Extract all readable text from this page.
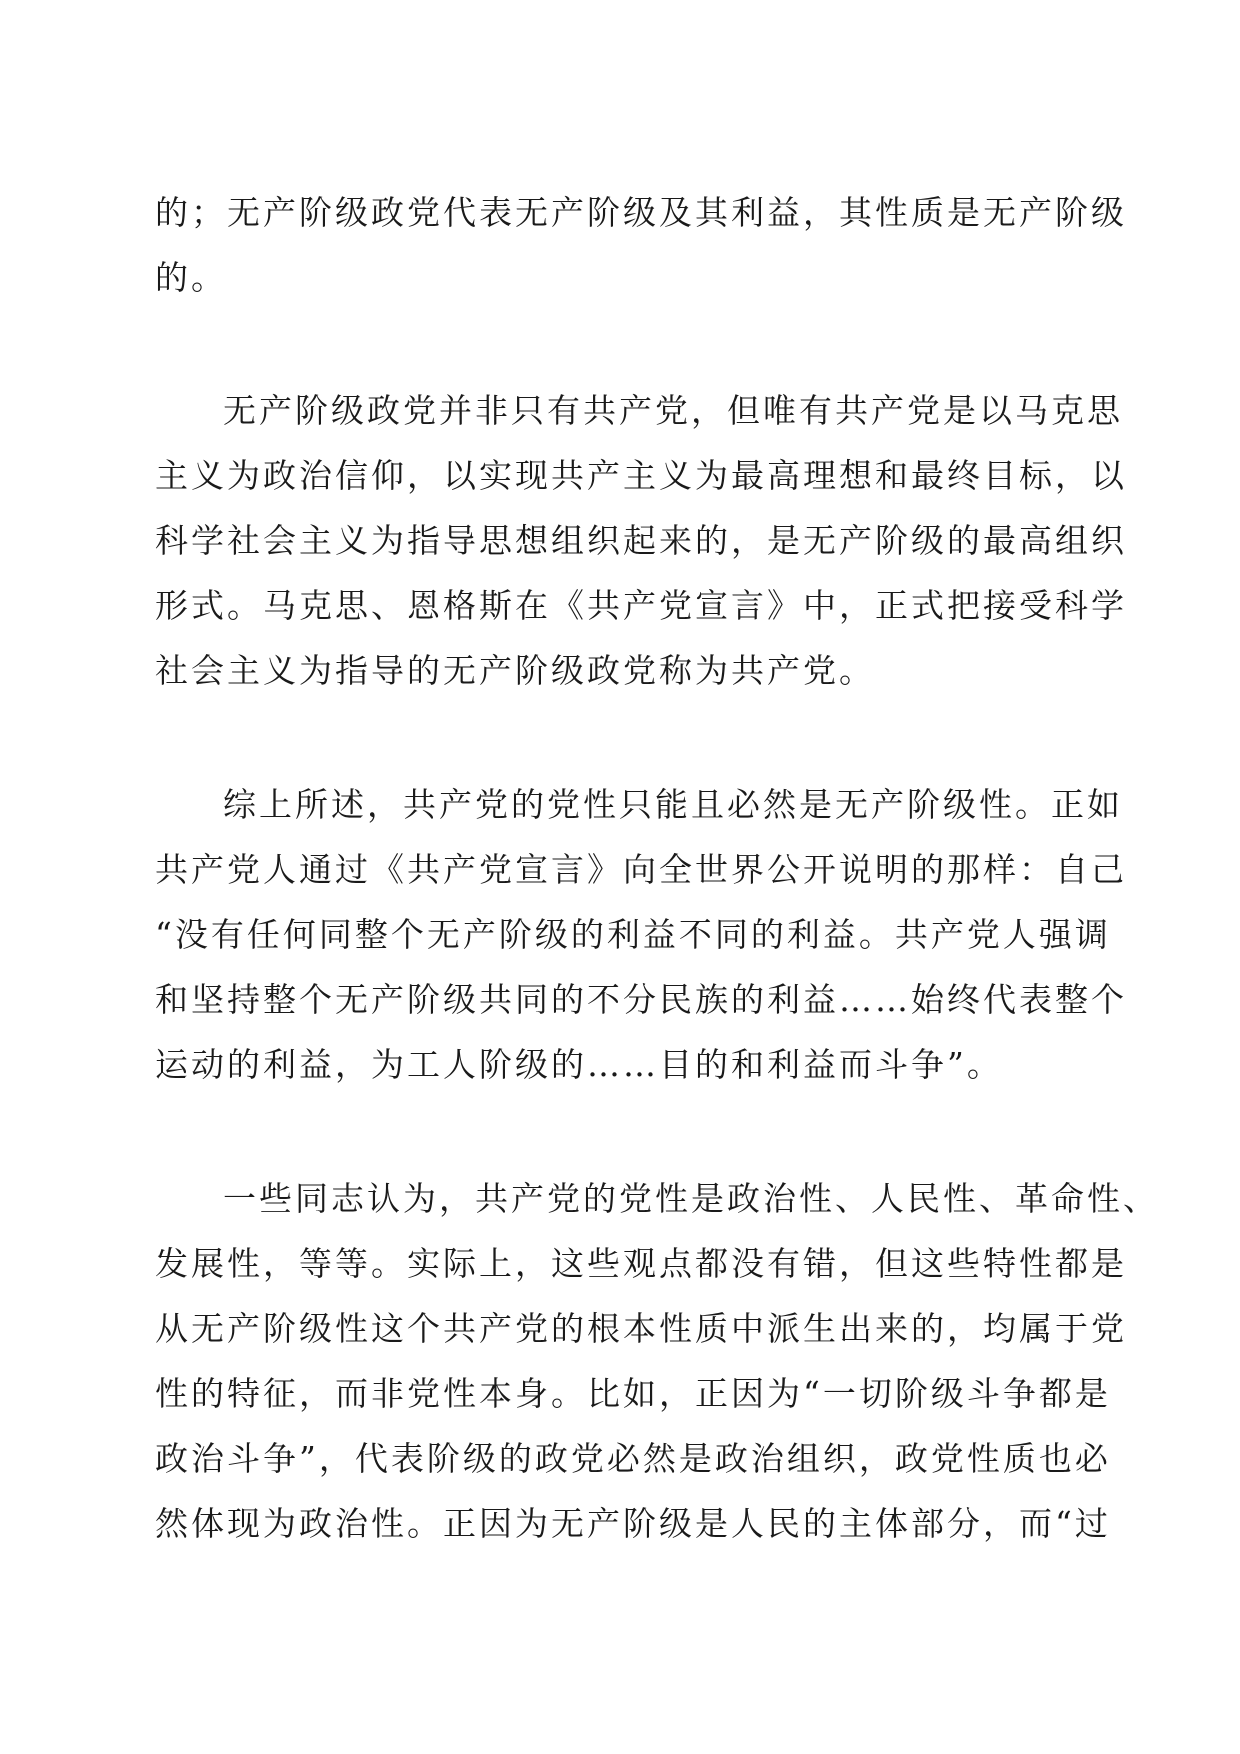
的；无产阶级政党代表无产阶级及其利益，其性质是无产阶级
的。
无产阶级政党并非只有共产党，但唯有共产党是以马克思
主义为政治信仰，以实现共产主义为最高理想和最终目标，以
科学社会主义为指导思想组织起来的，是无产阶级的最高组织
形式。马克思、恩格斯在《共产党宣言》中，正式把接受科学
社会主义为指导的无产阶级政党称为共产党。
综上所述，共产党的党性只能且必然是无产阶级性。正如
共产党人通过《共产党宣言》向全世界公开说明的那样：自己
“没有任何同整个无产阶级的利益不同的利益。共产党人强调
和坚持整个无产阶级共同的不分民族的利益……始终代表整个
运动的利益，为工人阶级的……目的和利益而斗争”。
一些同志认为，共产党的党性是政治性、人民性、革命性、
发展性，等等。实际上，这些观点都没有错，但这些特性都是
从无产阶级性这个共产党的根本性质中派生出来的，均属于党
性的特征，而非党性本身。比如，正因为“一切阶级斗争都是
政治斗争”，代表阶级的政党必然是政治组织，政党性质也必
然体现为政治性。正因为无产阶级是人民的主体部分，而“过
